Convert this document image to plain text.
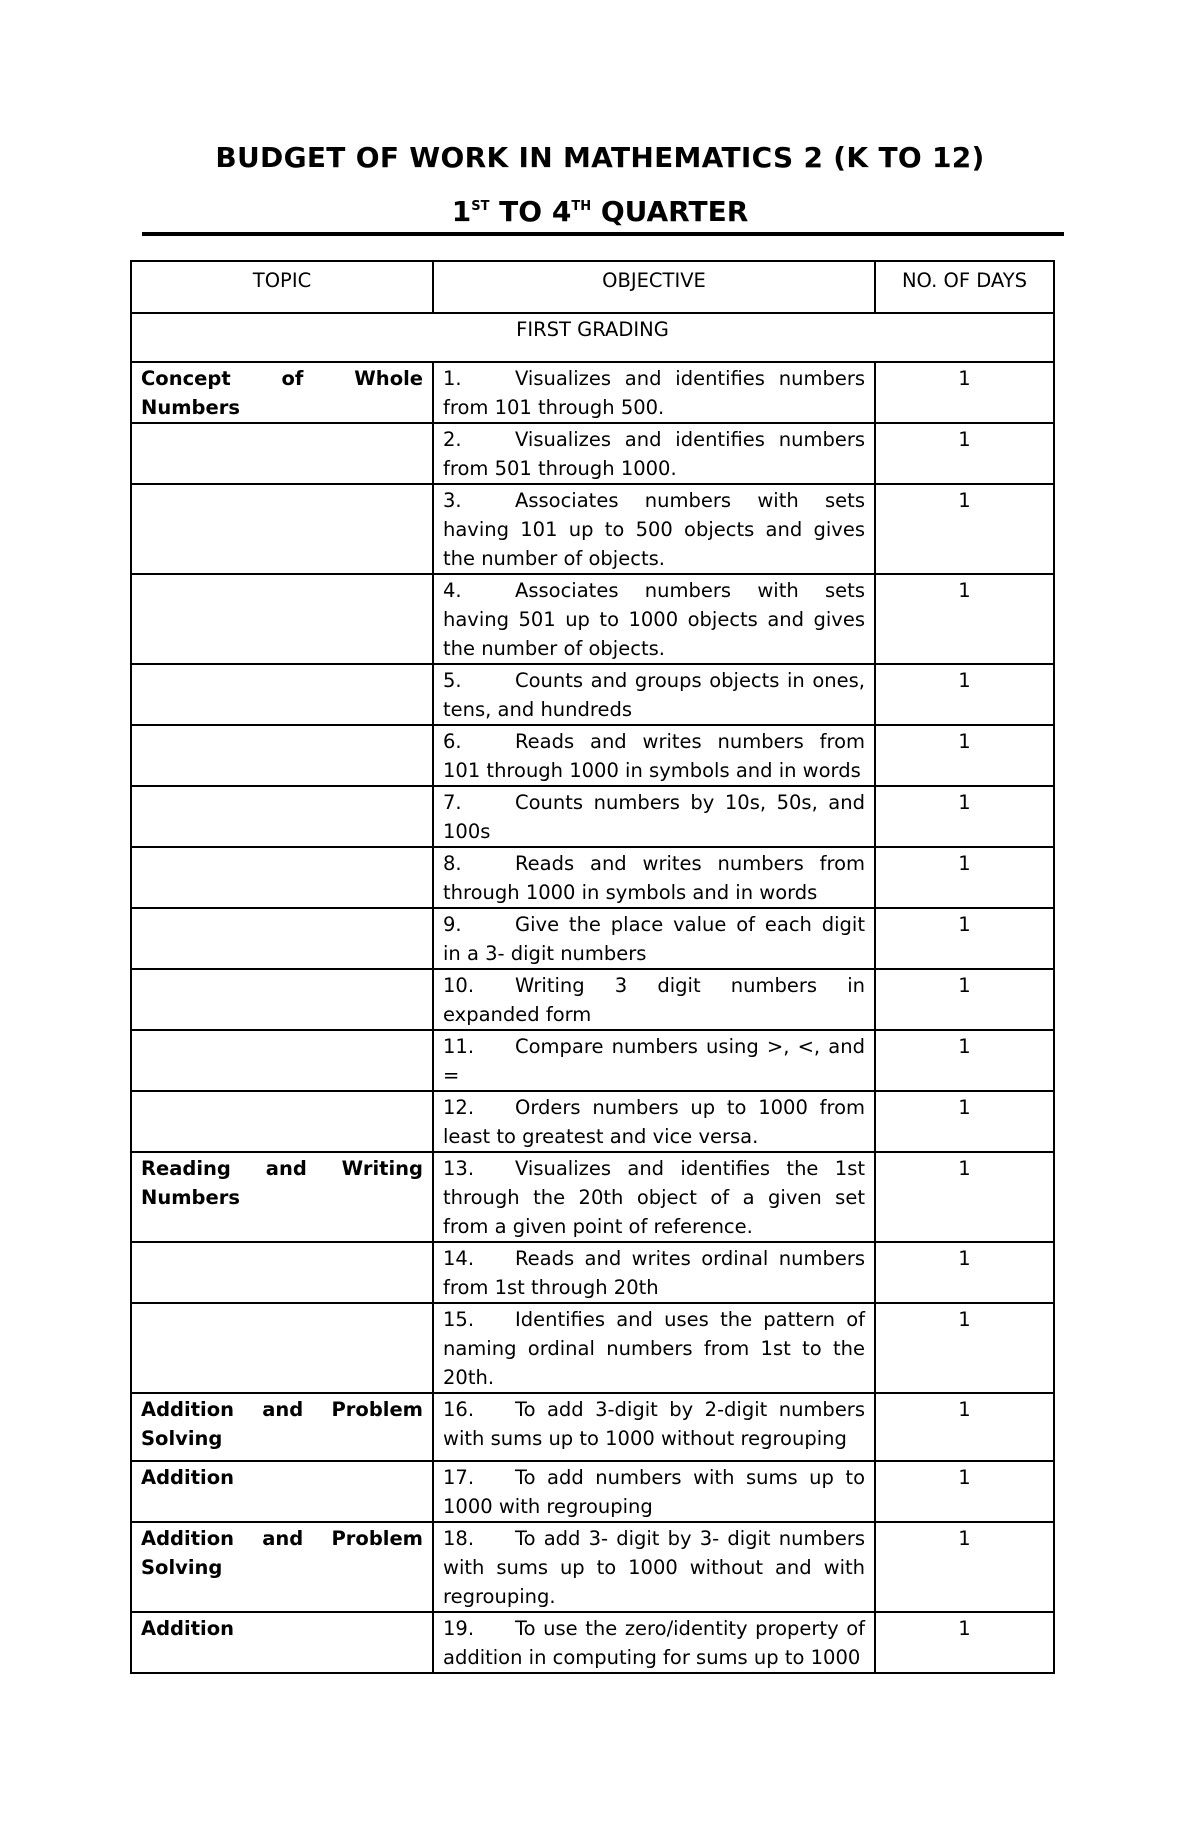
BUDGET OF WORK IN MATHEMATICS 2 (K TO 12)
1ST TO 4TH QUARTER
TOPIC	OBJECTIVE	NO. OF DAYS
FIRST GRADING		
Concept of Whole Numbers	1. Visualizes and identifies numbers from 101 through 500.	1
	2. Visualizes and identifies numbers from 501 through 1000.	1
	3. Associates numbers with sets having 101 up to 500 objects and gives the number of objects.	1
	4. Associates numbers with sets having 501 up to 1000 objects and gives the number of objects.	1
	5. Counts and groups objects in ones, tens, and hundreds	1
	6. Reads and writes numbers from 101 through 1000 in symbols and in words	1
	7. Counts numbers by 10s, 50s, and 100s	1
	8. Reads and writes numbers from through 1000 in symbols and in words	1
	9. Give the place value of each digit in a 3- digit numbers	1
	10. Writing 3 digit numbers in expanded form	1
	11. Compare numbers using >, <, and =	1
	12. Orders numbers up to 1000 from least to greatest and vice versa.	1
Reading and Writing Numbers	13. Visualizes and identifies the 1st through the 20th object of a given set from a given point of reference.	1
	14. Reads and writes ordinal numbers from 1st through 20th	1
	15. Identifies and uses the pattern of naming ordinal numbers from 1st to the 20th.	1
Addition and Problem Solving	16. To add 3-digit by 2-digit numbers with sums up to 1000 without regrouping	1
Addition	17. To add numbers with sums up to 1000 with regrouping	1
Addition and Problem Solving	18. To add 3- digit by 3- digit numbers with sums up to 1000 without and with regrouping.	1
Addition	19. To use the zero/identity property of addition in computing for sums up to 1000	1
